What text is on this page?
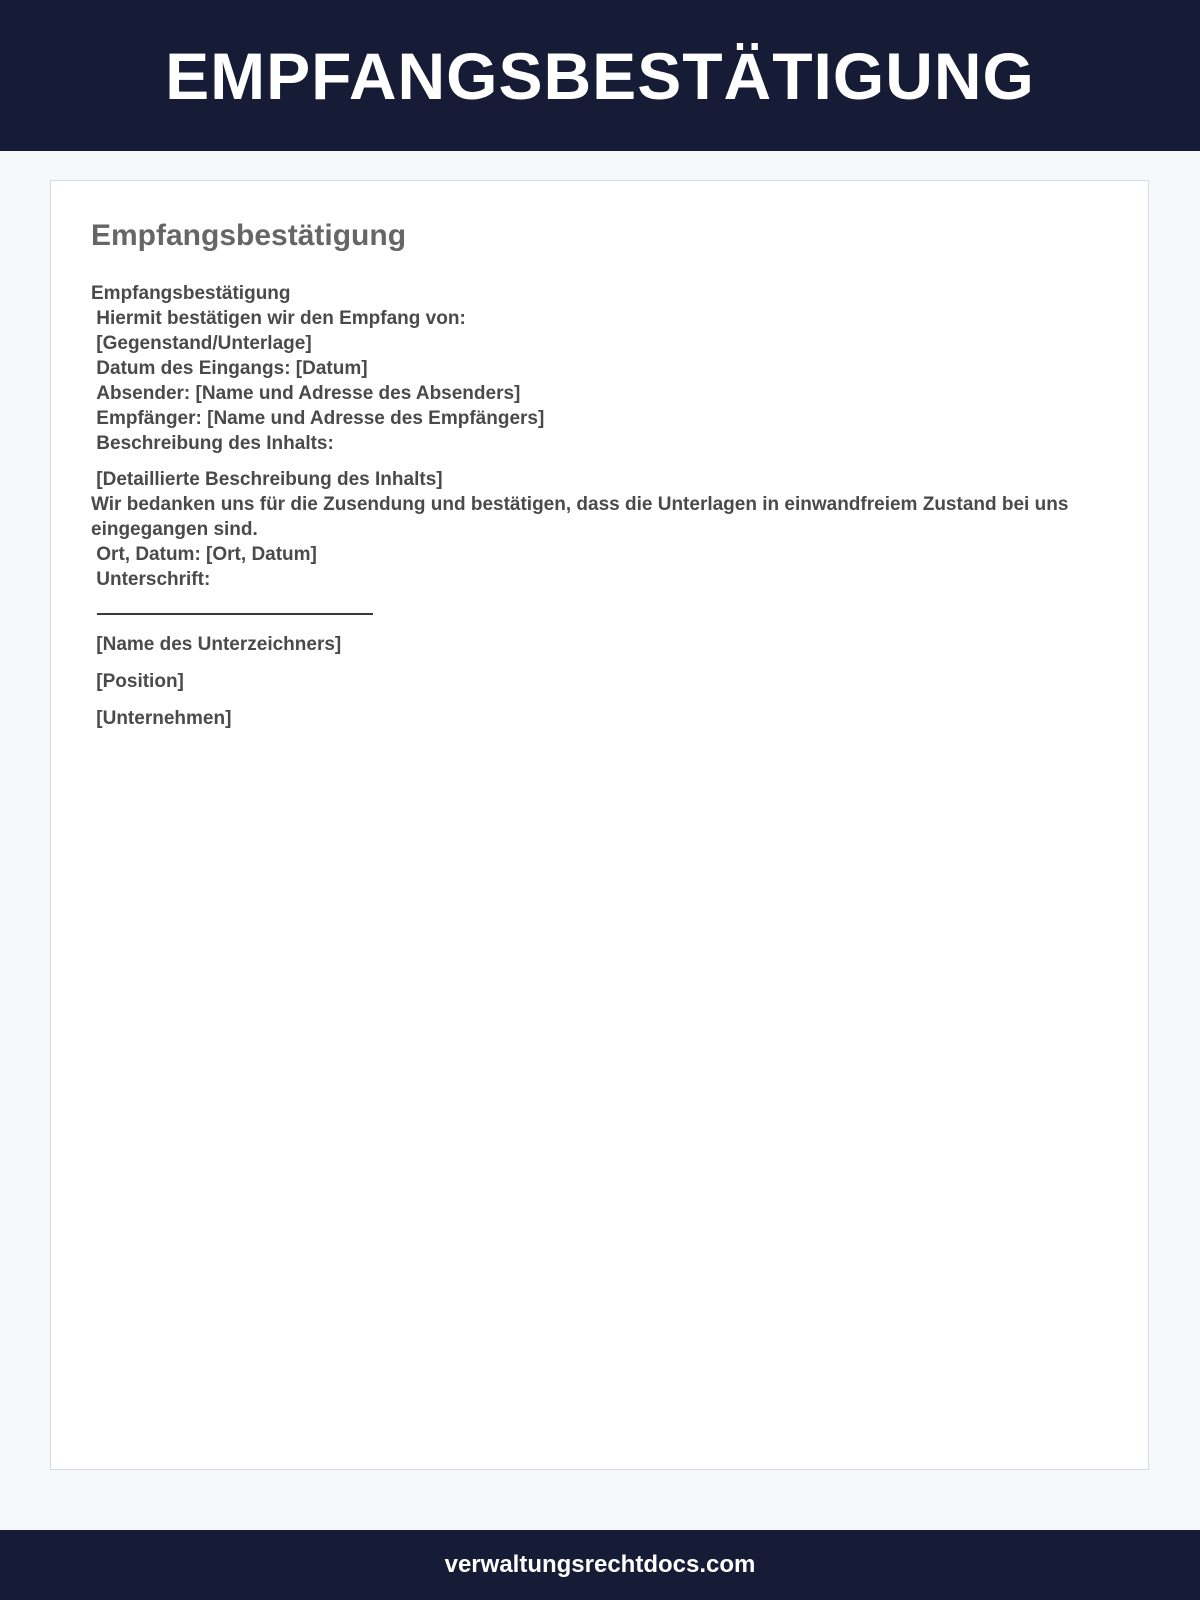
EMPFANGSBESTÄTIGUNG
Empfangsbestätigung
Empfangsbestätigung
Hiermit bestätigen wir den Empfang von:
[Gegenstand/Unterlage]
Datum des Eingangs: [Datum]
Absender: [Name und Adresse des Absenders]
Empfänger: [Name und Adresse des Empfängers]
Beschreibung des Inhalts:
[Detaillierte Beschreibung des Inhalts]
Wir bedanken uns für die Zusendung und bestätigen, dass die Unterlagen in einwandfreiem Zustand bei uns eingegangen sind.
Ort, Datum: [Ort, Datum]
Unterschrift:
[Name des Unterzeichners]
[Position]
[Unternehmen]
verwaltungsrechtdocs.com
